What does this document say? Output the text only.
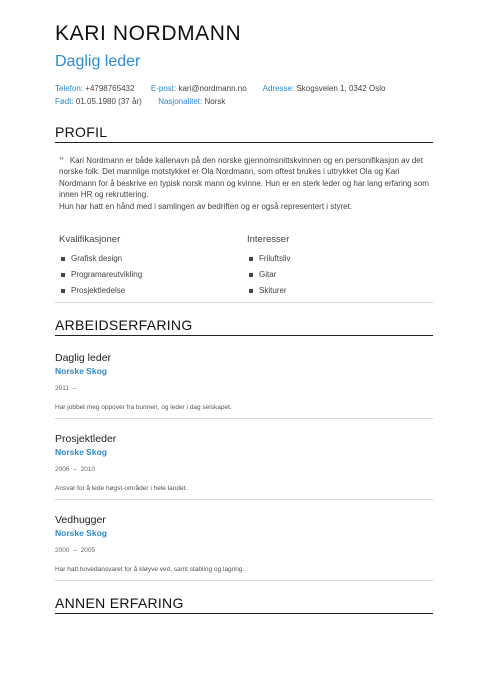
KARI NORDMANN
Daglig leder
Telefon: +4798765432 E-post: kari@nordmann.no Adresse: Skogsveien 1, 0342 Oslo
Født: 01.05.1980 (37 år) Nasjonalitet: Norsk
PROFIL
❝ Kari Nordmann er både kallenavn på den norske gjennomsnittskvinnen og en personifikasjon av det norske folk. Det mannlige motstykket er Ola Nordmann, som oftest brukes i uttrykket Ola og Kari Nordmann for å beskrive en typisk norsk mann og kvinne. Hun er en sterk leder og har lang erfaring som innen HR og rekruttering.
Hun har hatt en hånd med i samlingen av bedriften og er også representert i styret.
Kvalifikasjoner
Grafisk design
Programareutvikling
Prosjektledelse
Interesser
Friluftsliv
Gitar
Skiturer
ARBEIDSERFARING
Daglig leder
Norske Skog
2011 –
Har jobbet meg oppover fra bunnen, og leder i dag selskapet.
Prosjektleder
Norske Skog
2006 – 2010
Ansvar for å lede høgst-områder i hele landet.
Vedhugger
Norske Skog
2000 – 2005
Har hatt hovedansvaret for å kløyve ved, samt stabling og lagring.
ANNEN ERFARING
